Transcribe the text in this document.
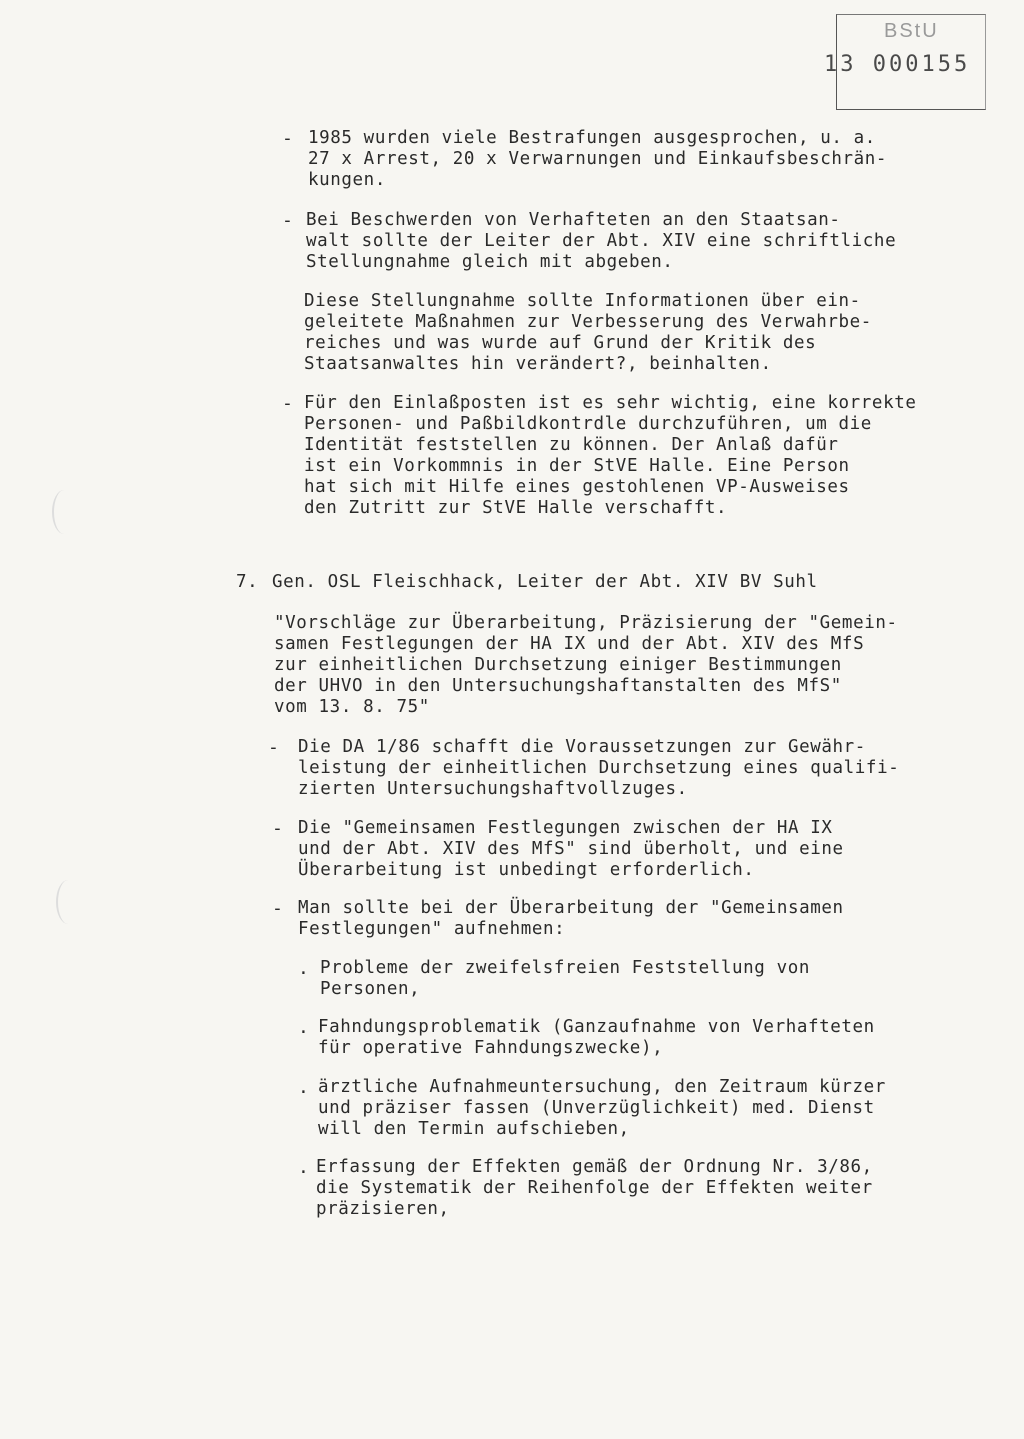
BStU
13 000155
- 1985 wurden viele Bestrafungen ausgesprochen, u. a.
27 x Arrest, 20 x Verwarnungen und Einkaufsbeschrän-
kungen.
- Bei Beschwerden von Verhafteten an den Staatsan-
walt sollte der Leiter der Abt. XIV eine schriftliche
Stellungnahme gleich mit abgeben.
Diese Stellungnahme sollte Informationen über ein-
geleitete Maßnahmen zur Verbesserung des Verwahrbe-
reiches und was wurde auf Grund der Kritik des
Staatsanwaltes hin verändert?, beinhalten.
- Für den Einlaßposten ist es sehr wichtig, eine korrekte
Personen- und Paßbildkontrdle durchzuführen, um die
Identität feststellen zu können. Der Anlaß dafür
ist ein Vorkommnis in der StVE Halle. Eine Person
hat sich mit Hilfe eines gestohlenen VP-Ausweises
den Zutritt zur StVE Halle verschafft.
7. Gen. OSL Fleischhack, Leiter der Abt. XIV BV Suhl
"Vorschläge zur Überarbeitung, Präzisierung der "Gemein-
samen Festlegungen der HA IX und der Abt. XIV des MfS
zur einheitlichen Durchsetzung einiger Bestimmungen
der UHVO in den Untersuchungshaftanstalten des MfS"
vom 13. 8. 75"
- Die DA 1/86 schafft die Voraussetzungen zur Gewähr-
leistung der einheitlichen Durchsetzung eines qualifi-
zierten Untersuchungshaftvollzuges.
- Die "Gemeinsamen Festlegungen zwischen der HA IX
und der Abt. XIV des MfS" sind überholt, und eine
Überarbeitung ist unbedingt erforderlich.
- Man sollte bei der Überarbeitung der "Gemeinsamen
Festlegungen" aufnehmen:
. Probleme der zweifelsfreien Feststellung von
Personen,
. Fahndungsproblematik (Ganzaufnahme von Verhafteten
für operative Fahndungszwecke),
. ärztliche Aufnahmeuntersuchung, den Zeitraum kürzer
und präziser fassen (Unverzüglichkeit) med. Dienst
will den Termin aufschieben,
. Erfassung der Effekten gemäß der Ordnung Nr. 3/86,
die Systematik der Reihenfolge der Effekten weiter
präzisieren,
